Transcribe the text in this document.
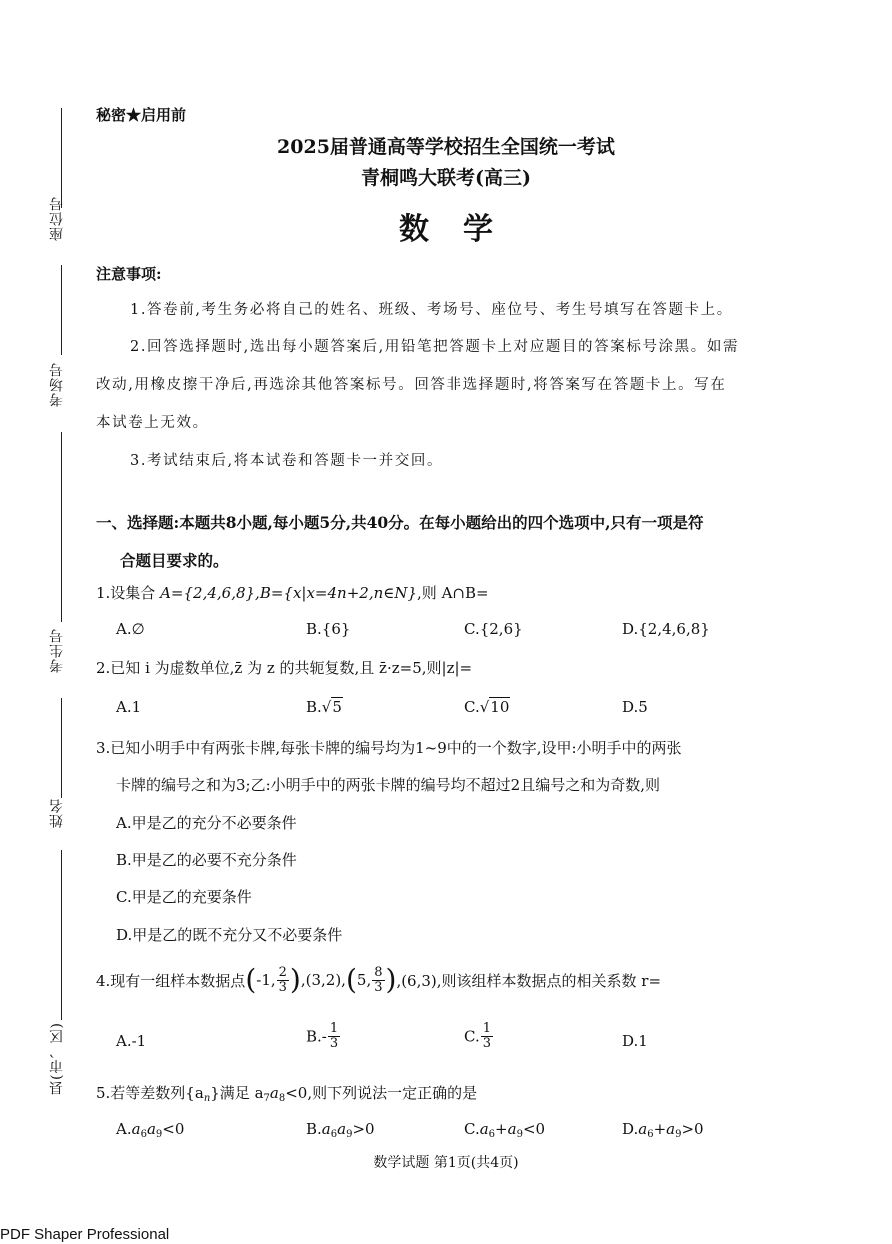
座位号
考场号
考生号
姓名
县(市、区)
秘密★启用前
2025届普通高等学校招生全国统一考试
青桐鸣大联考(高三)
数学
注意事项:
1.答卷前,考生务必将自己的姓名、班级、考场号、座位号、考生号填写在答题卡上。
2.回答选择题时,选出每小题答案后,用铅笔把答题卡上对应题目的答案标号涂黑。如需
改动,用橡皮擦干净后,再选涂其他答案标号。回答非选择题时,将答案写在答题卡上。写在
本试卷上无效。
3.考试结束后,将本试卷和答题卡一并交回。
一、选择题:本题共8小题,每小题5分,共40分。在每小题给出的四个选项中,只有一项是符
合题目要求的。
1.设集合 A={2,4,6,8},B={x|x=4n+2,n∈N},则 A∩B=
A.∅	B.{6}	C.{2,6}	D.{2,4,6,8}
2.已知 i 为虚数单位,z̄ 为 z 的共轭复数,且 z̄·z=5,则|z|=
A.1	B.√5	C.√10	D.5
3.已知小明手中有两张卡牌,每张卡牌的编号均为1~9中的一个数字,设甲:小明手中的两张
卡牌的编号之和为3;乙:小明手中的两张卡牌的编号均不超过2且编号之和为奇数,则
A.甲是乙的充分不必要条件
B.甲是乙的必要不充分条件
C.甲是乙的充要条件
D.甲是乙的既不充分又不必要条件
4.现有一组样本数据点 ( -1, $\frac{2}{3}$ ) ,(3,2), ( 5, $\frac{8}{3}$ ) ,(6,3),则该组样本数据点的相关系数 r=
A.-1	$B.- \frac{1}{3}$	C. $\frac{1}{3}$	D.1
5.若等差数列$\{a_n\}$满足 $a_7a_8<0$,则下列说法一定正确的是
$A.a_6a_9<0$	$B.a_6a_9>0$	$C.a_6+a_9<0$	$D.a_6+a_9>0$
数学试题 第1页(共4页)
PDF Shaper Professional
